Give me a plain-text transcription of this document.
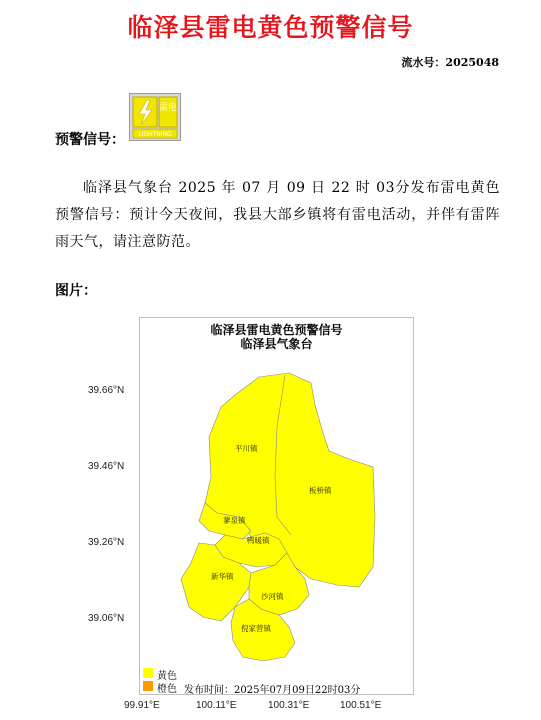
临泽县雷电黄色预警信号
流水号：2025048
预警信号：
雷电
LIGHTNING
临泽县气象台 2025 年 07 月 09 日 22 时 03分发布雷电黄色预警信号：预计今天夜间，我县大部乡镇将有雷电活动，并伴有雷阵雨天气，请注意防范。
图片：
临泽县雷电黄色预警信号
临泽县气象台
平川镇
板桥镇
蓼泉镇
鸭暖镇
新华镇
沙河镇
倪家营镇
39.66°N
39.46°N
39.26°N
39.06°N
99.91°E	100.11°E	100.31°E	100.51°E
黄色
橙色 发布时间：2025年07月09日22时03分
